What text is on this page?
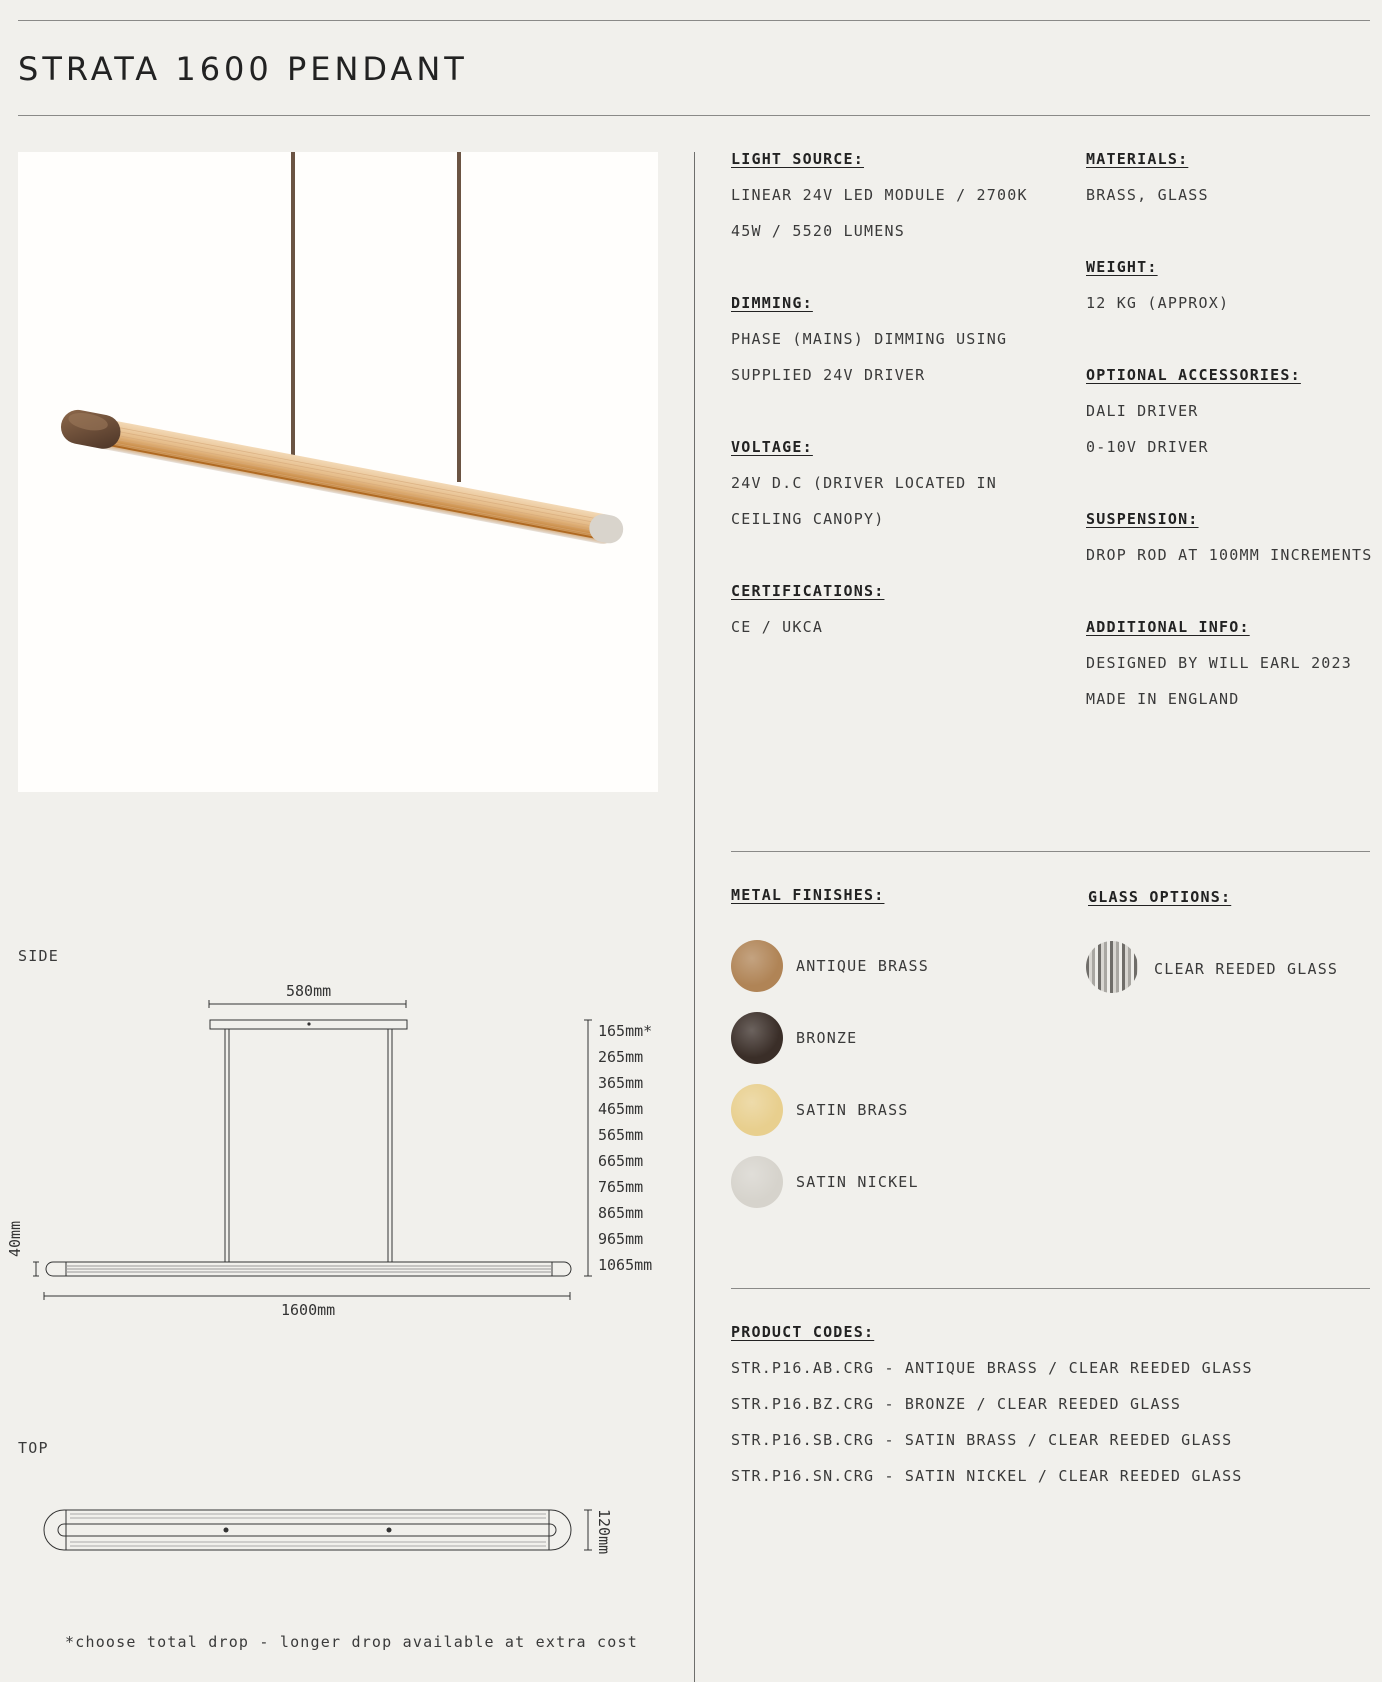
STRATA 1600 PENDANT
LIGHT SOURCE:
LINEAR 24V LED MODULE / 2700K
45W / 5520 LUMENS
DIMMING:
PHASE (MAINS) DIMMING USING
SUPPLIED 24V DRIVER
VOLTAGE:
24V D.C (DRIVER LOCATED IN
CEILING CANOPY)
CERTIFICATIONS:
CE / UKCA
MATERIALS:
BRASS, GLASS
WEIGHT:
12 KG (APPROX)
OPTIONAL ACCESSORIES:
DALI DRIVER
0-10V DRIVER
SUSPENSION:
DROP ROD AT 100MM INCREMENTS
ADDITIONAL INFO:
DESIGNED BY WILL EARL 2023
MADE IN ENGLAND
METAL FINISHES:
ANTIQUE BRASS
BRONZE
SATIN BRASS
SATIN NICKEL
GLASS OPTIONS:
CLEAR REEDED GLASS
PRODUCT CODES:
STR.P16.AB.CRG - ANTIQUE BRASS / CLEAR REEDED GLASS
STR.P16.BZ.CRG - BRONZE / CLEAR REEDED GLASS
STR.P16.SB.CRG - SATIN BRASS / CLEAR REEDED GLASS
STR.P16.SN.CRG - SATIN NICKEL / CLEAR REEDED GLASS
SIDE
580mm
1600mm
40mm
165mm*
265mm
365mm
465mm
565mm
665mm
765mm
865mm
965mm
1065mm
TOP
120mm
*choose total drop - longer drop available at extra cost
